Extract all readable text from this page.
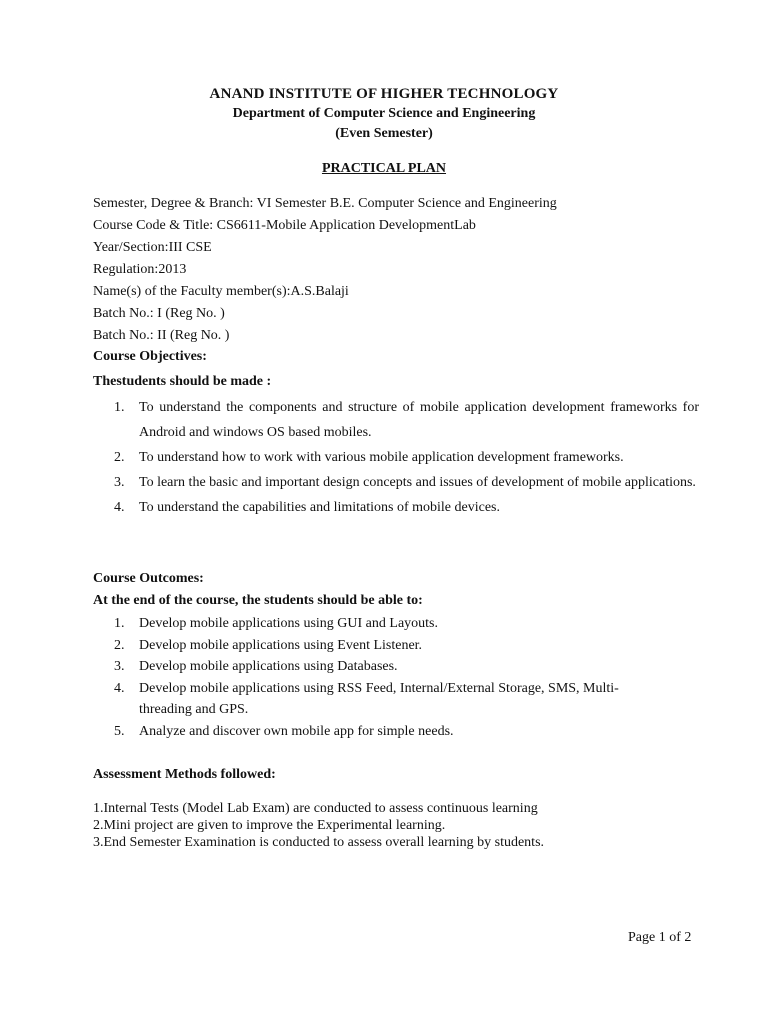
ANAND INSTITUTE OF HIGHER TECHNOLOGY
Department of Computer Science and Engineering
(Even Semester)
PRACTICAL PLAN
Semester, Degree & Branch: VI Semester B.E. Computer Science and Engineering
Course Code & Title: CS6611-Mobile Application DevelopmentLab
Year/Section:III CSE
Regulation:2013
Name(s) of the Faculty member(s):A.S.Balaji
Batch No.: I (Reg No. )
Batch No.: II (Reg No. )
Course Objectives:
Thestudents should be made :
1. To understand the components and structure of mobile application development frameworks for Android and windows OS based mobiles.
2. To understand how to work with various mobile application development frameworks.
3. To learn the basic and important design concepts and issues of development of mobile applications.
4. To understand the capabilities and limitations of mobile devices.
Course Outcomes:
At the end of the course, the students should be able to:
1. Develop mobile applications using GUI and Layouts.
2. Develop mobile applications using Event Listener.
3. Develop mobile applications using Databases.
4. Develop mobile applications using RSS Feed, Internal/External Storage, SMS, Multi-threading and GPS.
5. Analyze and discover own mobile app for simple needs.
Assessment Methods followed:
1.Internal Tests (Model Lab Exam) are conducted to assess continuous learning
2.Mini project are given to improve the Experimental learning.
3.End Semester Examination is conducted to assess overall learning by students.
Page 1 of 2
